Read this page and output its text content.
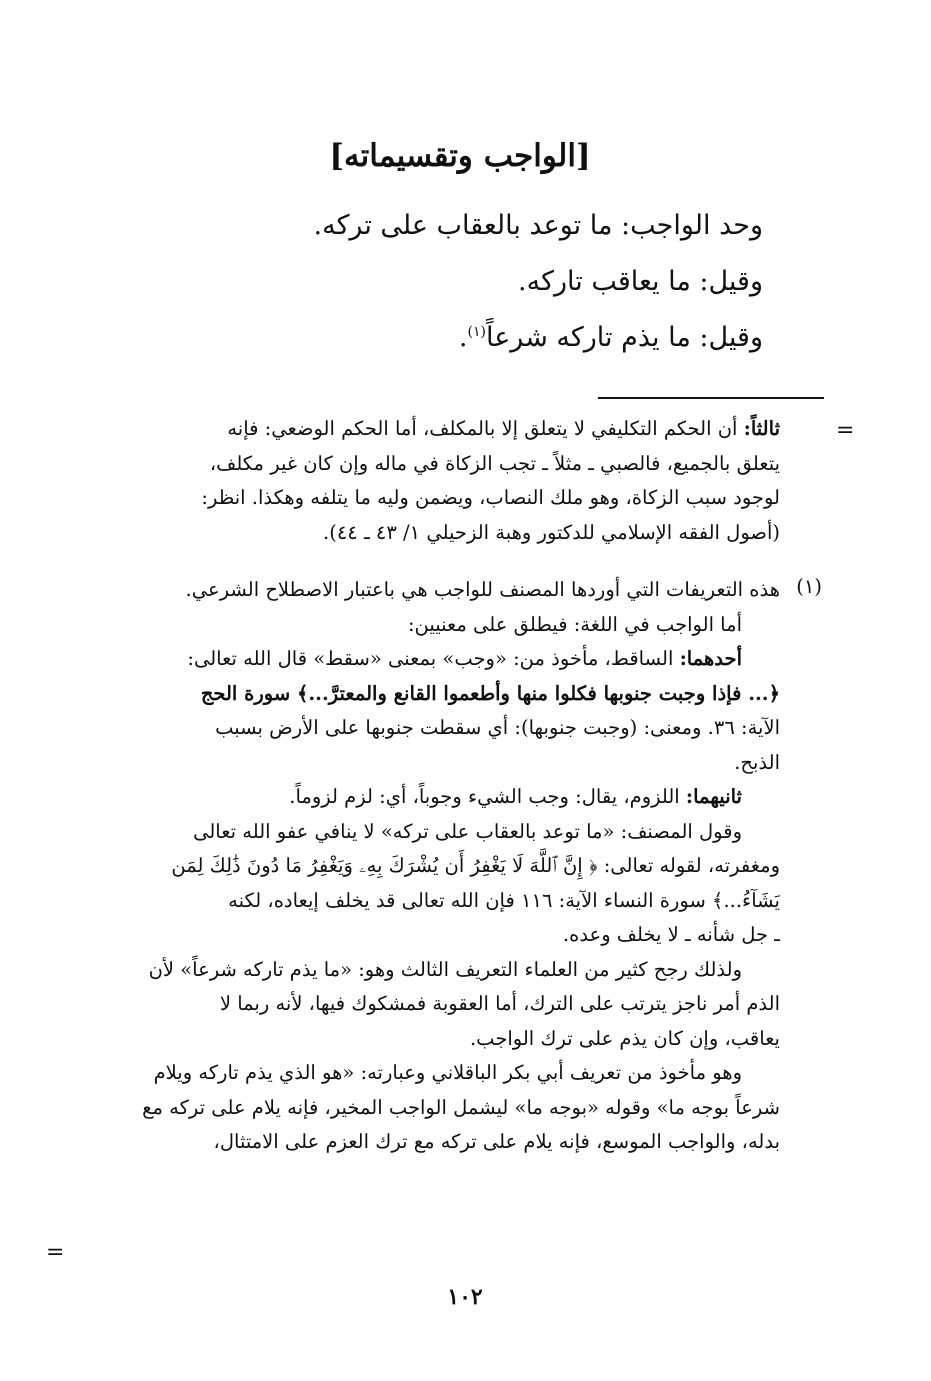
[الواجب وتقسيماته]
وحد الواجب: ما توعد بالعقاب على تركه.
وقيل: ما يعاقب تاركه.
وقيل: ما يذم تاركه شرعاً$^{(١)}$.
=
ثالثاً: أن الحكم التكليفي لا يتعلق إلا بالمكلف، أما الحكم الوضعي: فإنه
يتعلق بالجميع، فالصبي ـ مثلاً ـ تجب الزكاة في ماله وإن كان غير مكلف،
لوجود سبب الزكاة، وهو ملك النصاب، ويضمن وليه ما يتلفه وهكذا. انظر:
(أصول الفقه الإسلامي للدكتور وهبة الزحيلي ١/ ٤٣ ـ ٤٤).
(١)
هذه التعريفات التي أوردها المصنف للواجب هي باعتبار الاصطلاح الشرعي.
أما الواجب في اللغة: فيطلق على معنيين:
أحدهما: الساقط، مأخوذ من: «وجب» بمعنى «سقط» قال الله تعالى:
﴿... فإذا وجبت جنوبها فكلوا منها وأطعموا القانع والمعترَّ...﴾ سورة الحج
الآية: ٣٦. ومعنى: (وجبت جنوبها): أي سقطت جنوبها على الأرض بسبب
الذبح.
ثانيهما: اللزوم، يقال: وجب الشيء وجوباً، أي: لزم لزوماً.
وقول المصنف: «ما توعد بالعقاب على تركه» لا ينافي عفو الله تعالى
ومغفرته، لقوله تعالى: ﴿ إِنَّ ٱللَّهَ لَا يَغْفِرُ أَن يُشْرَكَ بِهِۦ وَيَغْفِرُ مَا دُونَ ذَٰلِكَ لِمَن
يَشَآءُ...﴾ سورة النساء الآية: ١١٦ فإن الله تعالى قد يخلف إيعاده، لكنه
ـ جل شأنه ـ لا يخلف وعده.
ولذلك رجح كثير من العلماء التعريف الثالث وهو: «ما يذم تاركه شرعاً» لأن
الذم أمر ناجز يترتب على الترك، أما العقوبة فمشكوك فيها، لأنه ربما لا
يعاقب، وإن كان يذم على ترك الواجب.
وهو مأخوذ من تعريف أبي بكر الباقلاني وعبارته: «هو الذي يذم تاركه ويلام
شرعاً بوجه ما» وقوله «بوجه ما» ليشمل الواجب المخير، فإنه يلام على تركه مع
بدله، والواجب الموسع، فإنه يلام على تركه مع ترك العزم على الامتثال،
=
١٠٢
